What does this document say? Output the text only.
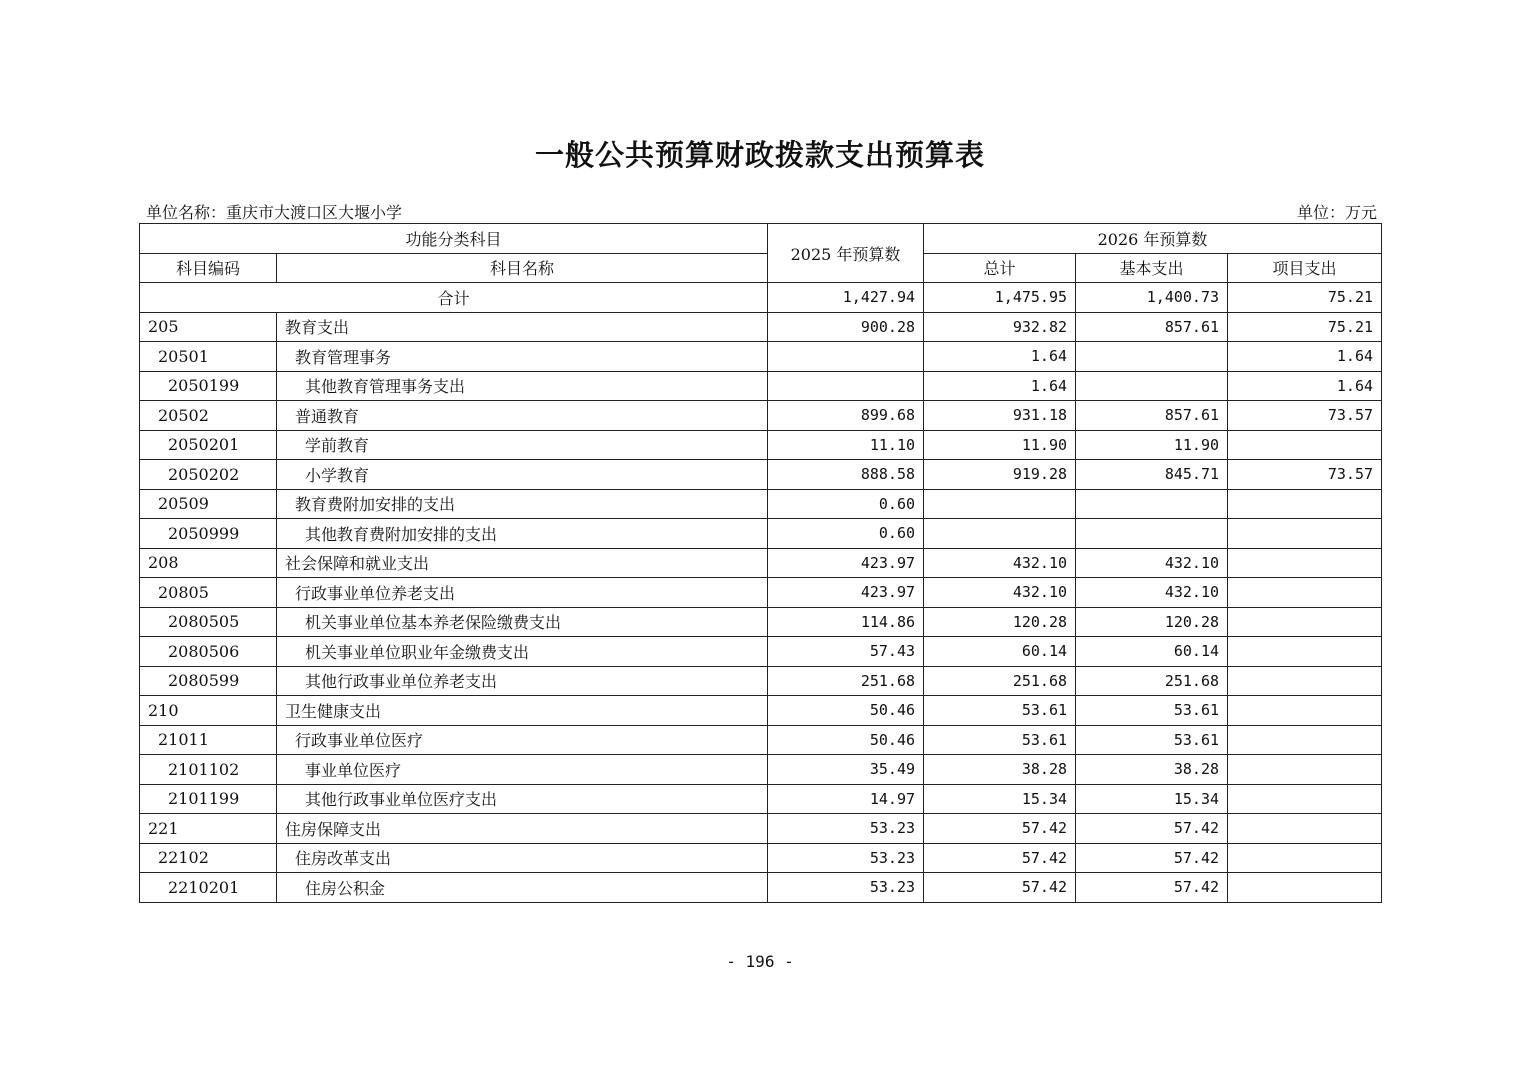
一般公共预算财政拨款支出预算表
单位名称：重庆市大渡口区大堰小学	单位：万元
功能分类科目		2025 年预算数	2026 年预算数		
科目编码	科目名称		总计	基本支出	项目支出
合计		1,427.94	1,475.95	1,400.73	75.21
205	教育支出	900.28	932.82	857.61	75.21
20501	教育管理事务		1.64		1.64
2050199	其他教育管理事务支出		1.64		1.64
20502	普通教育	899.68	931.18	857.61	73.57
2050201	学前教育	11.10	11.90	11.90	
2050202	小学教育	888.58	919.28	845.71	73.57
20509	教育费附加安排的支出	0.60			
2050999	其他教育费附加安排的支出	0.60			
208	社会保障和就业支出	423.97	432.10	432.10	
20805	行政事业单位养老支出	423.97	432.10	432.10	
2080505	机关事业单位基本养老保险缴费支出	114.86	120.28	120.28	
2080506	机关事业单位职业年金缴费支出	57.43	60.14	60.14	
2080599	其他行政事业单位养老支出	251.68	251.68	251.68	
210	卫生健康支出	50.46	53.61	53.61	
21011	行政事业单位医疗	50.46	53.61	53.61	
2101102	事业单位医疗	35.49	38.28	38.28	
2101199	其他行政事业单位医疗支出	14.97	15.34	15.34	
221	住房保障支出	53.23	57.42	57.42	
22102	住房改革支出	53.23	57.42	57.42	
2210201	住房公积金	53.23	57.42	57.42	
- 196 -
